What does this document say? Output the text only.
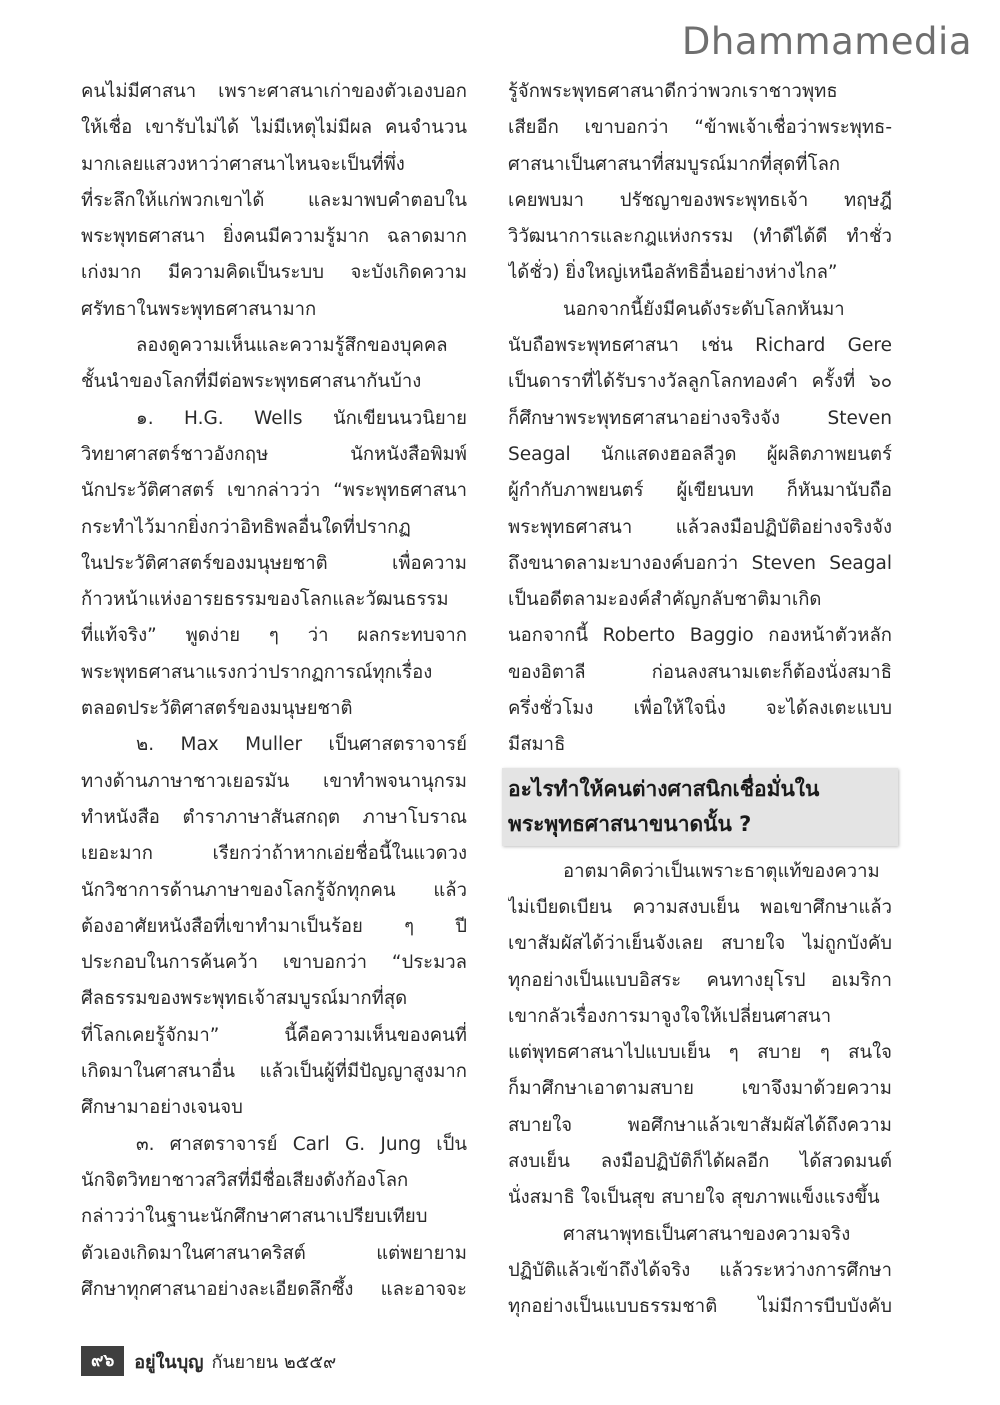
Dhammamedia
คนไม่มีศาสนา เพราะศาสนาเก่าของตัวเองบอก
ให้เชื่อ เขารับไม่ได้ ไม่มีเหตุไม่มีผล คนจำนวน
มากเลยแสวงหาว่าศาสนาไหนจะเป็นที่พึ่ง
ที่ระลึกให้แก่พวกเขาได้ และมาพบคำตอบใน
พระพุทธศาสนา ยิ่งคนมีความรู้มาก ฉลาดมาก
เก่งมาก มีความคิดเป็นระบบ จะบังเกิดความ
ศรัทธาในพระพุทธศาสนามาก
ลองดูความเห็นและความรู้สึกของบุคคล
ชั้นนำของโลกที่มีต่อพระพุทธศาสนากันบ้าง
๑. H.G. Wells นักเขียนนวนิยาย
วิทยาศาสตร์ชาวอังกฤษ นักหนังสือพิมพ์
นักประวัติศาสตร์ เขากล่าวว่า “พระพุทธศาสนา
กระทำไว้มากยิ่งกว่าอิทธิพลอื่นใดที่ปรากฏ
ในประวัติศาสตร์ของมนุษยชาติ เพื่อความ
ก้าวหน้าแห่งอารยธรรมของโลกและวัฒนธรรม
ที่แท้จริง” พูดง่าย ๆ ว่า ผลกระทบจาก
พระพุทธศาสนาแรงกว่าปรากฏการณ์ทุกเรื่อง
ตลอดประวัติศาสตร์ของมนุษยชาติ
๒. Max Muller เป็นศาสตราจารย์
ทางด้านภาษาชาวเยอรมัน เขาทำพจนานุกรม
ทำหนังสือ ตำราภาษาสันสกฤต ภาษาโบราณ
เยอะมาก เรียกว่าถ้าหากเอ่ยชื่อนี้ในแวดวง
นักวิชาการด้านภาษาของโลกรู้จักทุกคน แล้ว
ต้องอาศัยหนังสือที่เขาทำมาเป็นร้อย ๆ ปี
ประกอบในการค้นคว้า เขาบอกว่า “ประมวล
ศีลธรรมของพระพุทธเจ้าสมบูรณ์มากที่สุด
ที่โลกเคยรู้จักมา” นี้คือความเห็นของคนที่
เกิดมาในศาสนาอื่น แล้วเป็นผู้ที่มีปัญญาสูงมาก
ศึกษามาอย่างเจนจบ
๓. ศาสตราจารย์ Carl G. Jung เป็น
นักจิตวิทยาชาวสวิสที่มีชื่อเสียงดังก้องโลก
กล่าวว่าในฐานะนักศึกษาศาสนาเปรียบเทียบ
ตัวเองเกิดมาในศาสนาคริสต์ แต่พยายาม
ศึกษาทุกศาสนาอย่างละเอียดลึกซึ้ง และอาจจะ
รู้จักพระพุทธศาสนาดีกว่าพวกเราชาวพุทธ
เสียอีก เขาบอกว่า “ข้าพเจ้าเชื่อว่าพระพุทธ-
ศาสนาเป็นศาสนาที่สมบูรณ์มากที่สุดที่โลก
เคยพบมา ปรัชญาของพระพุทธเจ้า ทฤษฎี
วิวัฒนาการและกฎแห่งกรรม (ทำดีได้ดี ทำชั่ว
ได้ชั่ว) ยิ่งใหญ่เหนือลัทธิอื่นอย่างห่างไกล”
นอกจากนี้ยังมีคนดังระดับโลกหันมา
นับถือพระพุทธศาสนา เช่น Richard Gere
เป็นดาราที่ได้รับรางวัลลูกโลกทองคำ ครั้งที่ ๖๐
ก็ศึกษาพระพุทธศาสนาอย่างจริงจัง Steven
Seagal นักแสดงฮอลลีวูด ผู้ผลิตภาพยนตร์
ผู้กำกับภาพยนตร์ ผู้เขียนบท ก็หันมานับถือ
พระพุทธศาสนา แล้วลงมือปฏิบัติอย่างจริงจัง
ถึงขนาดลามะบางองค์บอกว่า Steven Seagal
เป็นอดีตลามะองค์สำคัญกลับชาติมาเกิด
นอกจากนี้ Roberto Baggio กองหน้าตัวหลัก
ของอิตาลี ก่อนลงสนามเตะก็ต้องนั่งสมาธิ
ครึ่งชั่วโมง เพื่อให้ใจนิ่ง จะได้ลงเตะแบบ
มีสมาธิ
อะไรทำให้คนต่างศาสนิกเชื่อมั่นใน
พระพุทธศาสนาขนาดนั้น ?
อาตมาคิดว่าเป็นเพราะธาตุแท้ของความ
ไม่เบียดเบียน ความสงบเย็น พอเขาศึกษาแล้ว
เขาสัมผัสได้ว่าเย็นจังเลย สบายใจ ไม่ถูกบังคับ
ทุกอย่างเป็นแบบอิสระ คนทางยุโรป อเมริกา
เขากลัวเรื่องการมาจูงใจให้เปลี่ยนศาสนา
แต่พุทธศาสนาไปแบบเย็น ๆ สบาย ๆ สนใจ
ก็มาศึกษาเอาตามสบาย เขาจึงมาด้วยความ
สบายใจ พอศึกษาแล้วเขาสัมผัสได้ถึงความ
สงบเย็น ลงมือปฏิบัติก็ได้ผลอีก ได้สวดมนต์
นั่งสมาธิ ใจเป็นสุข สบายใจ สุขภาพแข็งแรงขึ้น
ศาสนาพุทธเป็นศาสนาของความจริง
ปฏิบัติแล้วเข้าถึงได้จริง แล้วระหว่างการศึกษา
ทุกอย่างเป็นแบบธรรมชาติ ไม่มีการบีบบังคับ
๙๖	อยู่ในบุญ กันยายน ๒๕๕๙
